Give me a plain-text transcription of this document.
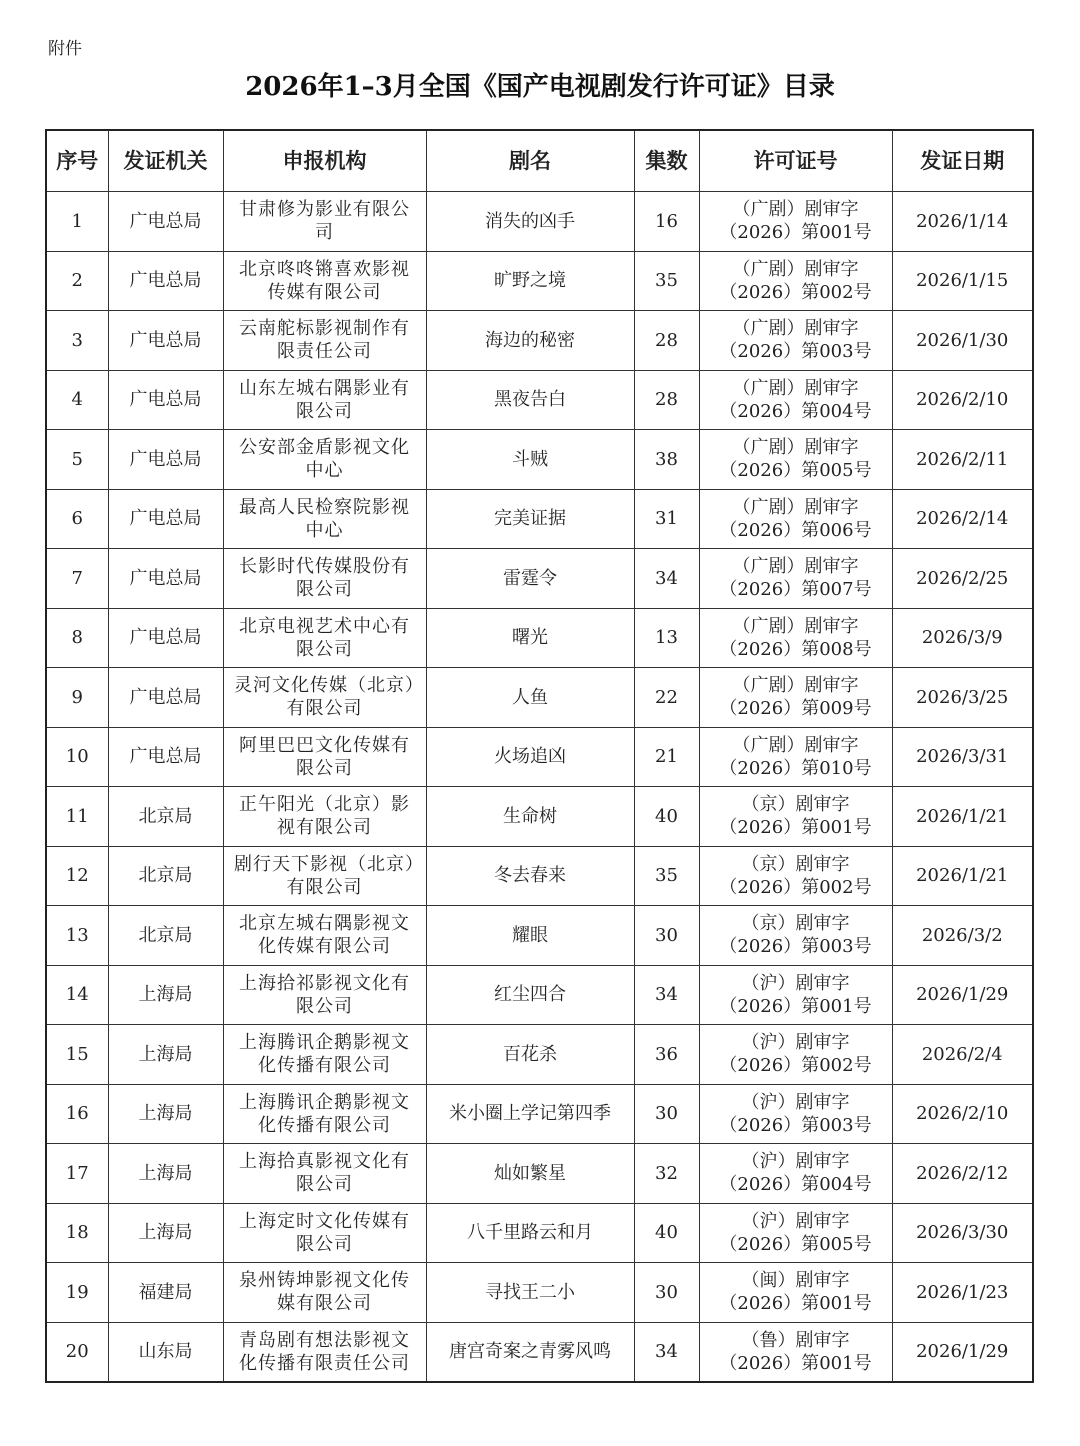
附件
2026年1–3月全国《国产电视剧发行许可证》目录
序号	发证机关	申报机构	剧名	集数	许可证号	发证日期
1	广电总局	甘肃修为影业有限公司	消失的凶手	16	（广剧）剧审字
（2026）第001号	2026/1/14
2	广电总局	北京咚咚锵喜欢影视传媒有限公司	旷野之境	35	（广剧）剧审字
（2026）第002号	2026/1/15
3	广电总局	云南舵标影视制作有限责任公司	海边的秘密	28	（广剧）剧审字
（2026）第003号	2026/1/30
4	广电总局	山东左城右隅影业有限公司	黑夜告白	28	（广剧）剧审字
（2026）第004号	2026/2/10
5	广电总局	公安部金盾影视文化中心	斗贼	38	（广剧）剧审字
（2026）第005号	2026/2/11
6	广电总局	最高人民检察院影视中心	完美证据	31	（广剧）剧审字
（2026）第006号	2026/2/14
7	广电总局	长影时代传媒股份有限公司	雷霆令	34	（广剧）剧审字
（2026）第007号	2026/2/25
8	广电总局	北京电视艺术中心有限公司	曙光	13	（广剧）剧审字
（2026）第008号	2026/3/9
9	广电总局	灵河文化传媒（北京）有限公司	人鱼	22	（广剧）剧审字
（2026）第009号	2026/3/25
10	广电总局	阿里巴巴文化传媒有限公司	火场追凶	21	（广剧）剧审字
（2026）第010号	2026/3/31
11	北京局	正午阳光（北京）影视有限公司	生命树	40	（京）剧审字
（2026）第001号	2026/1/21
12	北京局	剧行天下影视（北京）有限公司	冬去春来	35	（京）剧审字
（2026）第002号	2026/1/21
13	北京局	北京左城右隅影视文化传媒有限公司	耀眼	30	（京）剧审字
（2026）第003号	2026/3/2
14	上海局	上海拾祁影视文化有限公司	红尘四合	34	（沪）剧审字
（2026）第001号	2026/1/29
15	上海局	上海腾讯企鹅影视文化传播有限公司	百花杀	36	（沪）剧审字
（2026）第002号	2026/2/4
16	上海局	上海腾讯企鹅影视文化传播有限公司	米小圈上学记第四季	30	（沪）剧审字
（2026）第003号	2026/2/10
17	上海局	上海拾真影视文化有限公司	灿如繁星	32	（沪）剧审字
（2026）第004号	2026/2/12
18	上海局	上海定时文化传媒有限公司	八千里路云和月	40	（沪）剧审字
（2026）第005号	2026/3/30
19	福建局	泉州铸坤影视文化传媒有限公司	寻找王二小	30	（闽）剧审字
（2026）第001号	2026/1/23
20	山东局	青岛剧有想法影视文化传播有限责任公司	唐宫奇案之青雾风鸣	34	（鲁）剧审字
（2026）第001号	2026/1/29
